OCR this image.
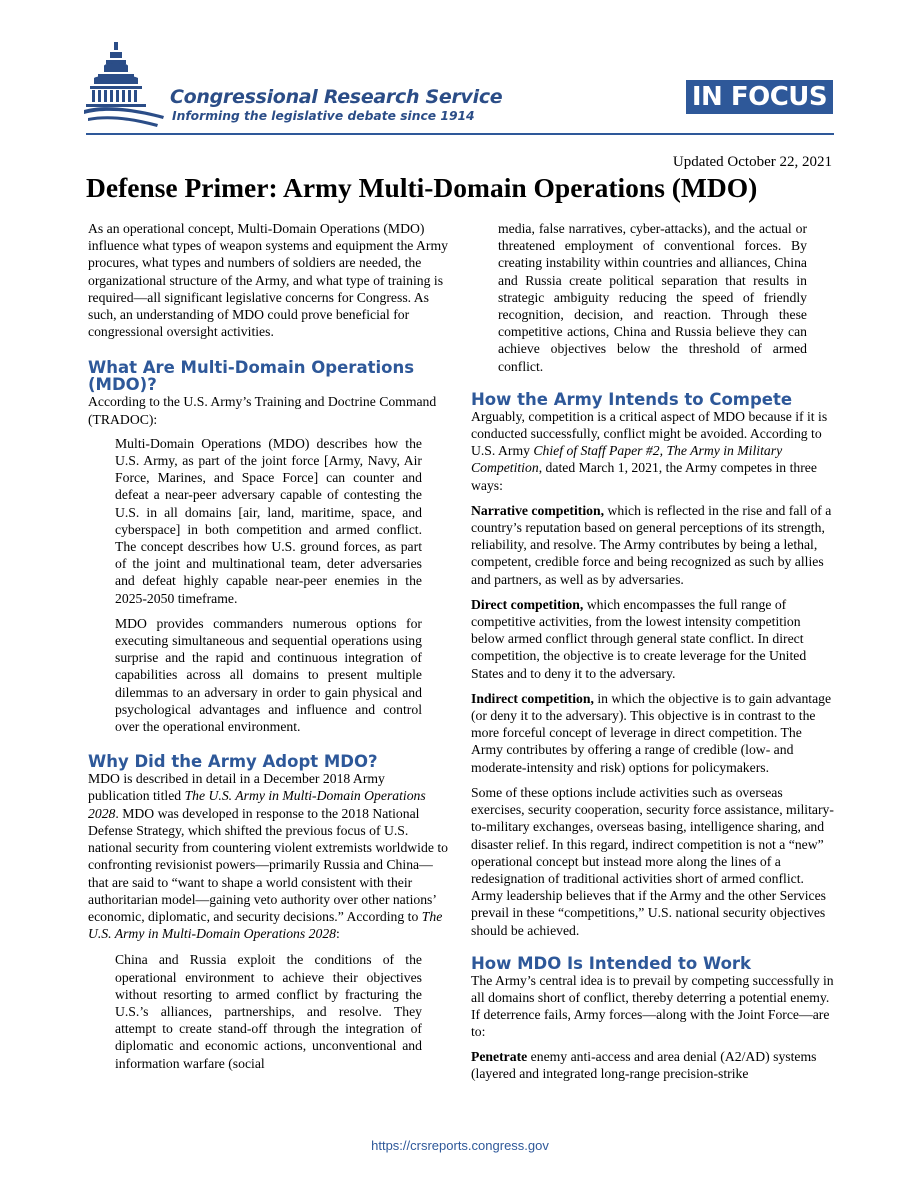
Congressional Research Service
Informing the legislative debate since 1914
IN FOCUS
Updated October 22, 2021
Defense Primer: Army Multi-Domain Operations (MDO)

As an operational concept, Multi-Domain Operations (MDO) influence what types of weapon systems and equipment the Army procures, what types and numbers of soldiers are needed, the organizational structure of the Army, and what type of training is required—all significant legislative concerns for Congress. As such, an understanding of MDO could prove beneficial for congressional oversight activities.

What Are Multi-Domain Operations (MDO)?

According to the U.S. Army’s Training and Doctrine Command (TRADOC):

Multi-Domain Operations (MDO) describes how the U.S. Army, as part of the joint force [Army, Navy, Air Force, Marines, and Space Force] can counter and defeat a near-peer adversary capable of contesting the U.S. in all domains [air, land, maritime, space, and cyberspace] in both competition and armed conflict. The concept describes how U.S. ground forces, as part of the joint and multinational team, deter adversaries and defeat highly capable near-peer enemies in the 2025-2050 timeframe.

MDO provides commanders numerous options for executing simultaneous and sequential operations using surprise and the rapid and continuous integration of capabilities across all domains to present multiple dilemmas to an adversary in order to gain physical and psychological advantages and influence and control over the operational environment.

Why Did the Army Adopt MDO?

MDO is described in detail in a December 2018 Army publication titled The U.S. Army in Multi-Domain Operations 2028. MDO was developed in response to the 2018 National Defense Strategy, which shifted the previous focus of U.S. national security from countering violent extremists worldwide to confronting revisionist powers—primarily Russia and China—that are said to “want to shape a world consistent with their authoritarian model—gaining veto authority over other nations’ economic, diplomatic, and security decisions.” According to The U.S. Army in Multi-Domain Operations 2028:

China and Russia exploit the conditions of the operational environment to achieve their objectives without resorting to armed conflict by fracturing the U.S.’s alliances, partnerships, and resolve. They attempt to create stand-off through the integration of diplomatic and economic actions, unconventional and information warfare (social

media, false narratives, cyber-attacks), and the actual or threatened employment of conventional forces. By creating instability within countries and alliances, China and Russia create political separation that results in strategic ambiguity reducing the speed of friendly recognition, decision, and reaction. Through these competitive actions, China and Russia believe they can achieve objectives below the threshold of armed conflict.

How the Army Intends to Compete

Arguably, competition is a critical aspect of MDO because if it is conducted successfully, conflict might be avoided. According to U.S. Army Chief of Staff Paper #2, The Army in Military Competition, dated March 1, 2021, the Army competes in three ways:

Narrative competition, which is reflected in the rise and fall of a country’s reputation based on general perceptions of its strength, reliability, and resolve. The Army contributes by being a lethal, competent, credible force and being recognized as such by allies and partners, as well as by adversaries.

Direct competition, which encompasses the full range of competitive activities, from the lowest intensity competition below armed conflict through general state conflict. In direct competition, the objective is to create leverage for the United States and to deny it to the adversary.

Indirect competition, in which the objective is to gain advantage (or deny it to the adversary). This objective is in contrast to the more forceful concept of leverage in direct competition. The Army contributes by offering a range of credible (low- and moderate-intensity and risk) options for policymakers.

Some of these options include activities such as overseas exercises, security cooperation, security force assistance, military-to-military exchanges, overseas basing, intelligence sharing, and disaster relief. In this regard, indirect competition is not a “new” operational concept but instead more along the lines of a redesignation of traditional activities short of armed conflict. Army leadership believes that if the Army and the other Services prevail in these “competitions,” U.S. national security objectives should be achieved.

How MDO Is Intended to Work

The Army’s central idea is to prevail by competing successfully in all domains short of conflict, thereby deterring a potential enemy. If deterrence fails, Army forces—along with the Joint Force—are to:

Penetrate enemy anti-access and area denial (A2/AD) systems (layered and integrated long-range precision-strike

https://crsreports.congress.gov
